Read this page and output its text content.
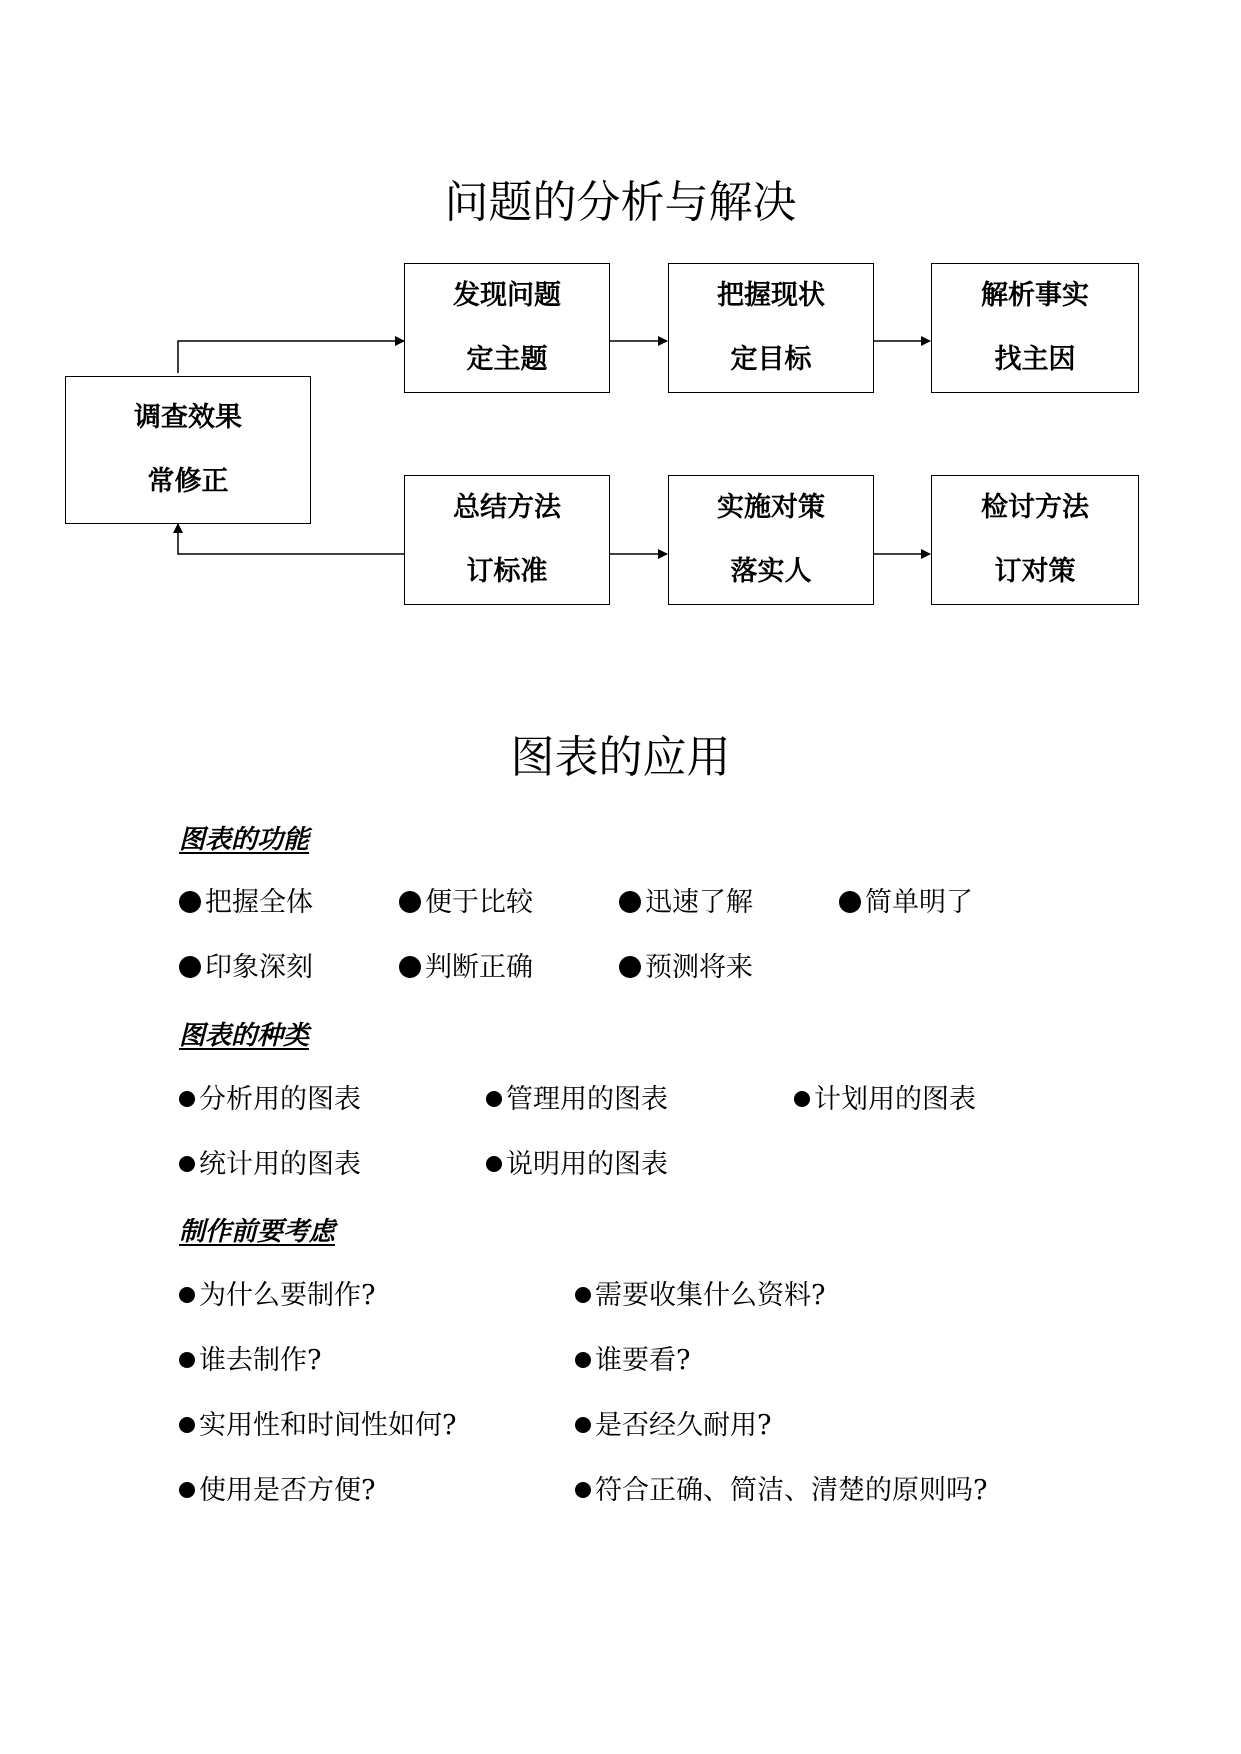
问题的分析与解决
发现问题
定主题
把握现状
定目标
解析事实
找主因
调查效果
常修正
总结方法
订标准
实施对策
落实人
检讨方法
订对策
图表的应用
图表的功能
把握全体	便于比较	迅速了解	简单明了
印象深刻	判断正确	预测将来
图表的种类
分析用的图表	管理用的图表	计划用的图表
统计用的图表	说明用的图表
制作前要考虑
为什么要制作?	需要收集什么资料?
谁去制作?	谁要看?
实用性和时间性如何?	是否经久耐用?
使用是否方便?	符合正确、简洁、清楚的原则吗?
